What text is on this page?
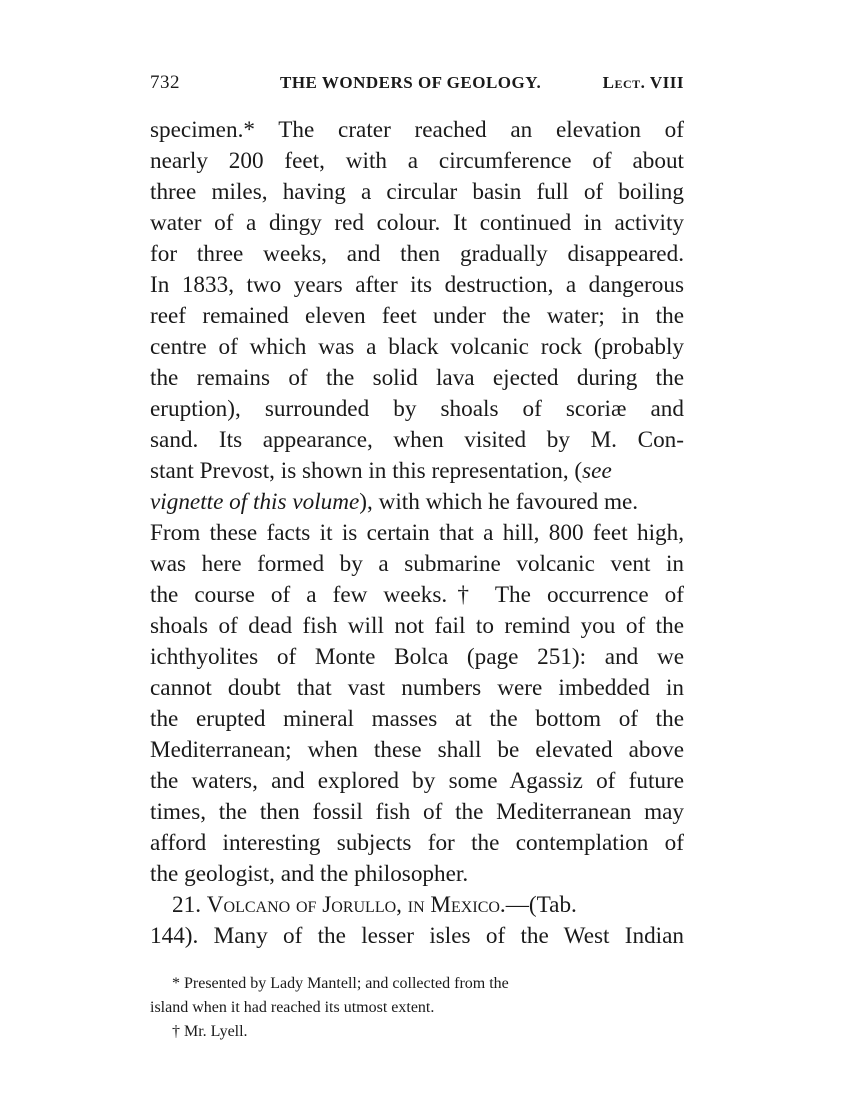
732	THE WONDERS OF GEOLOGY.	Lect. VIII
specimen.* The crater reached an elevation of
nearly 200 feet, with a circumference of about
three miles, having a circular basin full of boiling
water of a dingy red colour. It continued in activity
for three weeks, and then gradually disappeared.
In 1833, two years after its destruction, a dangerous
reef remained eleven feet under the water; in the
centre of which was a black volcanic rock (probably
the remains of the solid lava ejected during the
eruption), surrounded by shoals of scoriæ and
sand. Its appearance, when visited by M. Con-
stant Prevost, is shown in this representation, (see
vignette of this volume), with which he favoured me.
From these facts it is certain that a hill, 800 feet high,
was here formed by a submarine volcanic vent in
the course of a few weeks.† The occurrence of
shoals of dead fish will not fail to remind you of the
ichthyolites of Monte Bolca (page 251): and we
cannot doubt that vast numbers were imbedded in
the erupted mineral masses at the bottom of the
Mediterranean; when these shall be elevated above
the waters, and explored by some Agassiz of future
times, the then fossil fish of the Mediterranean may
afford interesting subjects for the contemplation of
the geologist, and the philosopher.
21. Volcano of Jorullo, in Mexico.—(Tab.
144). Many of the lesser isles of the West Indian
* Presented by Lady Mantell; and collected from the
island when it had reached its utmost extent.
† Mr. Lyell.
